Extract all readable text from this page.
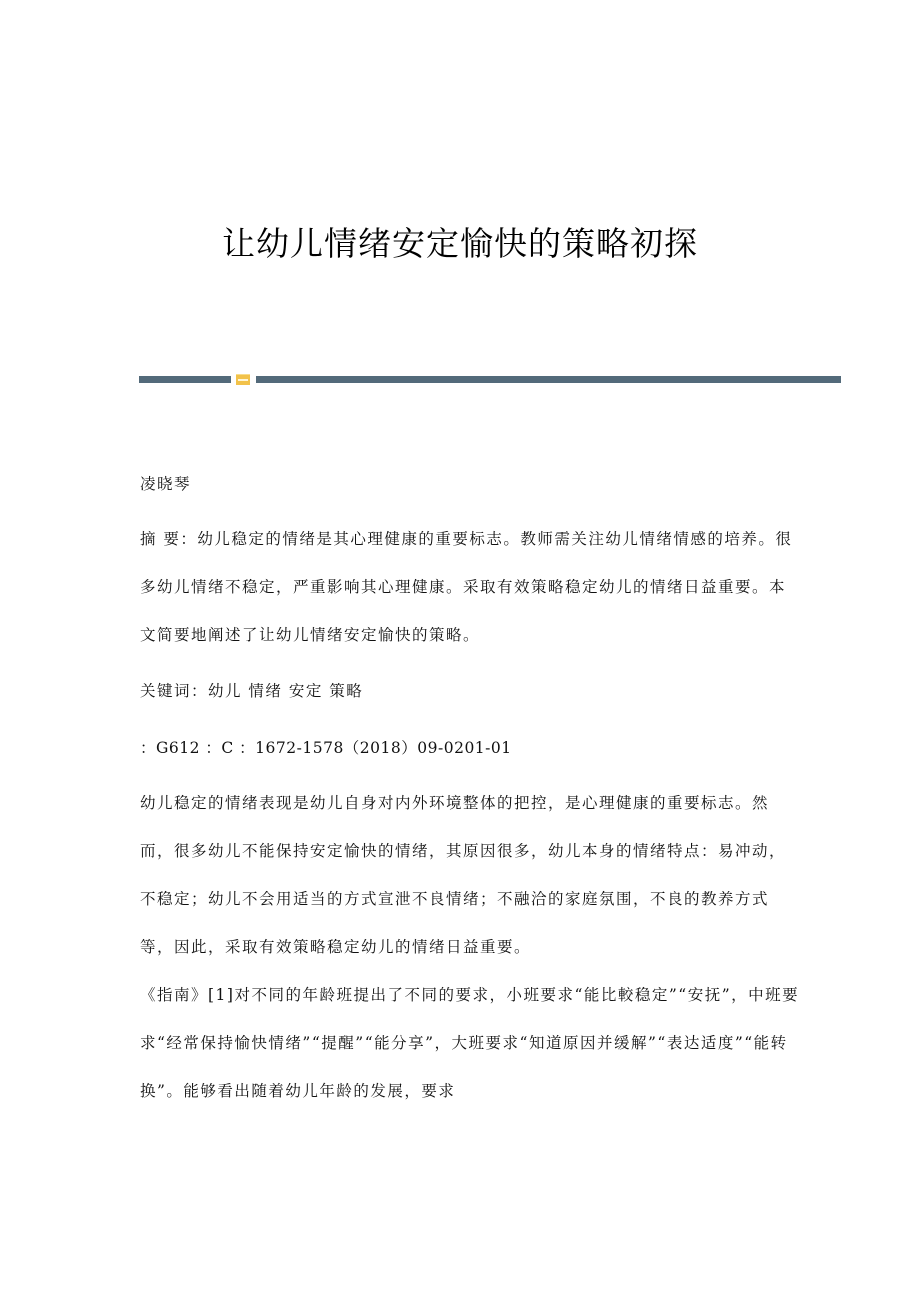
让幼儿情绪安定愉快的策略初探

凌晓琴

摘 要：幼儿稳定的情绪是其心理健康的重要标志。教师需关注幼儿情绪情感的培养。很多幼儿情绪不稳定，严重影响其心理健康。采取有效策略稳定幼儿的情绪日益重要。本文简要地阐述了让幼儿情绪安定愉快的策略。

关键词：幼儿 情绪 安定 策略

：G612 ：C ：1672-1578（2018）09-0201-01

幼儿稳定的情绪表现是幼儿自身对内外环境整体的把控，是心理健康的重要标志。然而，很多幼儿不能保持安定愉快的情绪，其原因很多，幼儿本身的情绪特点：易冲动，不稳定；幼儿不会用适当的方式宣泄不良情绪；不融洽的家庭氛围，不良的教养方式等，因此，采取有效策略稳定幼儿的情绪日益重要。

《指南》[1]对不同的年龄班提出了不同的要求，小班要求“能比較稳定”“安抚”，中班要求“经常保持愉快情绪”“提醒”“能分享”，大班要求“知道原因并缓解”“表达适度”“能转换”。能够看出随着幼儿年龄的发展，要求
